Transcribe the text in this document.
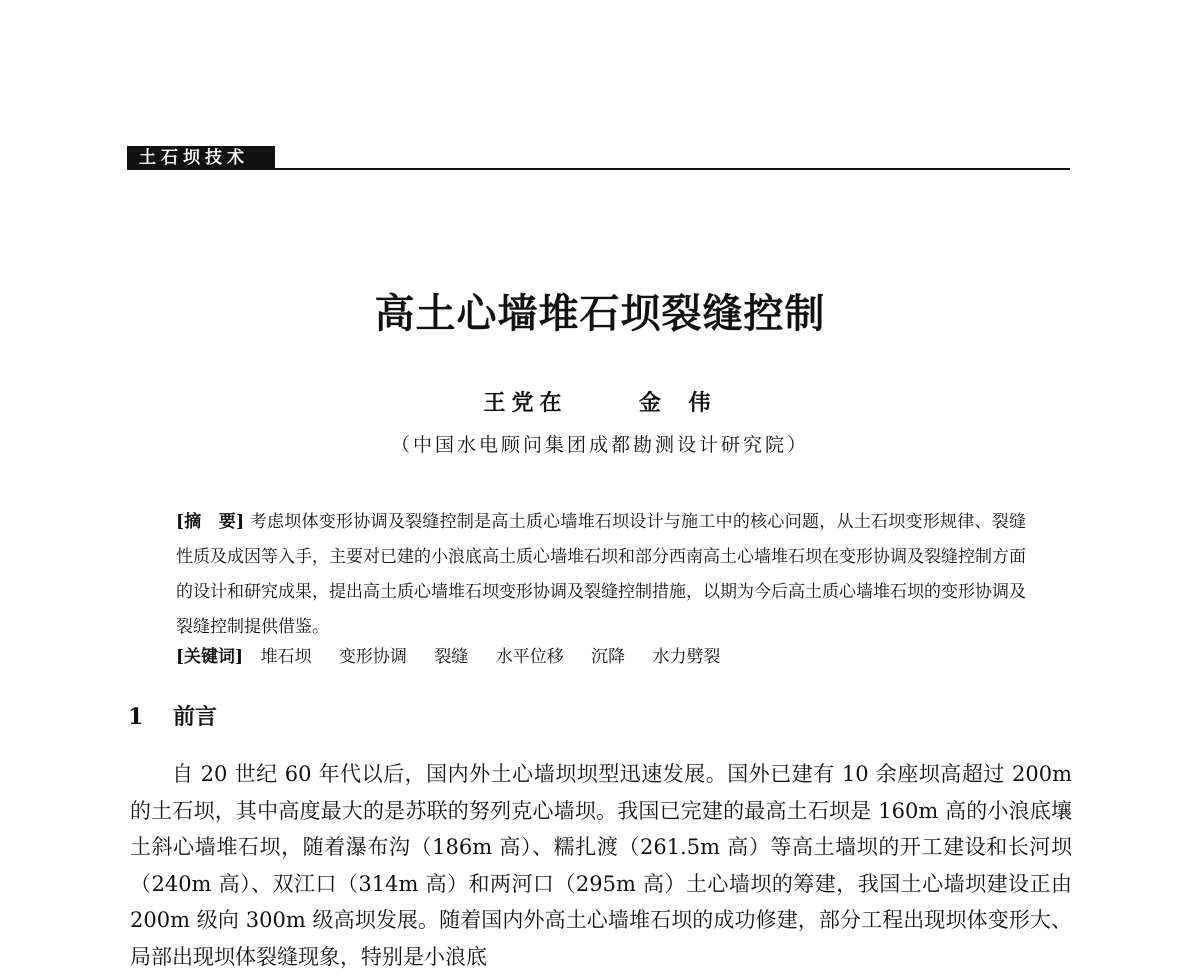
土石坝技术
高土心墙堆石坝裂缝控制
王党在 　	金 伟
（中国水电顾问集团成都勘测设计研究院）
[摘　要] 考虑坝体变形协调及裂缝控制是高土质心墙堆石坝设计与施工中的核心问题，从土石坝变形规律、裂缝性质及成因等入手，主要对已建的小浪底高土质心墙堆石坝和部分西南高土心墙堆石坝在变形协调及裂缝控制方面的设计和研究成果，提出高土质心墙堆石坝变形协调及裂缝控制措施，以期为今后高土质心墙堆石坝的变形协调及裂缝控制提供借鉴。
[关键词] 堆石坝 变形协调 裂缝 水平位移 沉降 水力劈裂
1 前言
自 20 世纪 60 年代以后，国内外土心墙坝坝型迅速发展。国外已建有 10 余座坝高超过 200m 的土石坝，其中高度最大的是苏联的努列克心墙坝。我国已完建的最高土石坝是 160m 高的小浪底壤土斜心墙堆石坝，随着瀑布沟（186m 高）、糯扎渡（261.5m 高）等高土墙坝的开工建设和长河坝（240m 高）、双江口（314m 高）和两河口（295m 高）土心墙坝的筹建，我国土心墙坝建设正由 200m 级向 300m 级高坝发展。随着国内外高土心墙堆石坝的成功修建，部分工程出现坝体变形大、局部出现坝体裂缝现象，特别是小浪底
